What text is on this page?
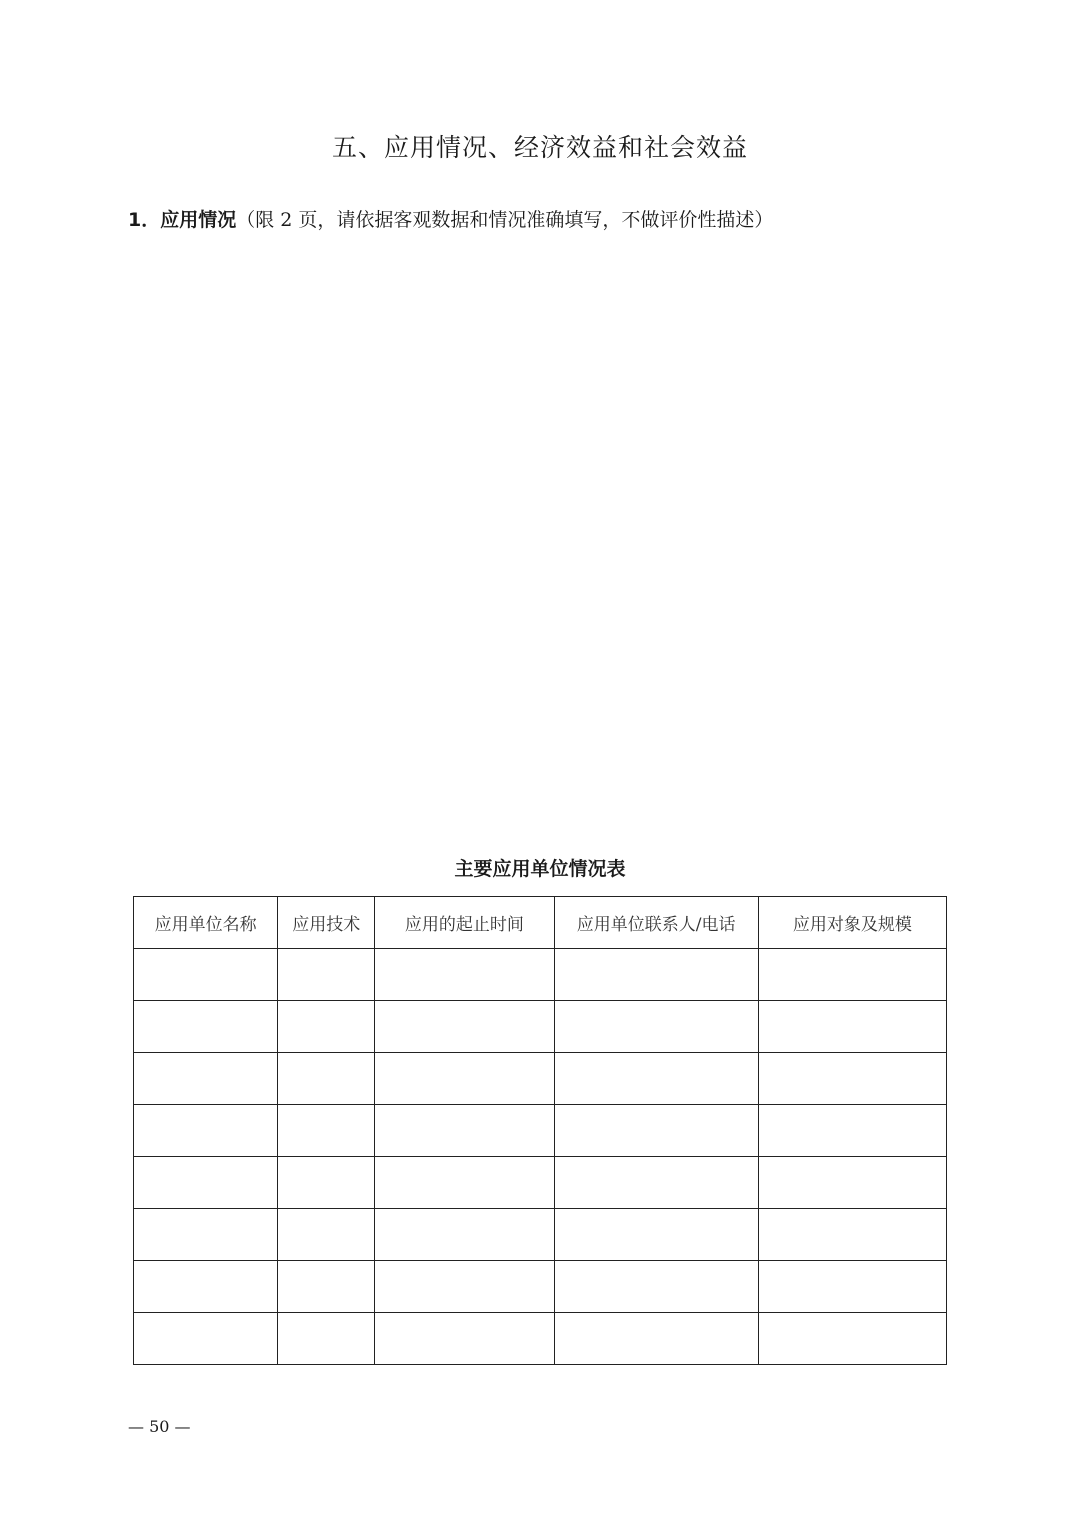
五、应用情况、经济效益和社会效益
1．应用情况（限 2 页，请依据客观数据和情况准确填写，不做评价性描述）
主要应用单位情况表
应用单位名称	应用技术	应用的起止时间	应用单位联系人/电话	应用对象及规模

— 50 —
